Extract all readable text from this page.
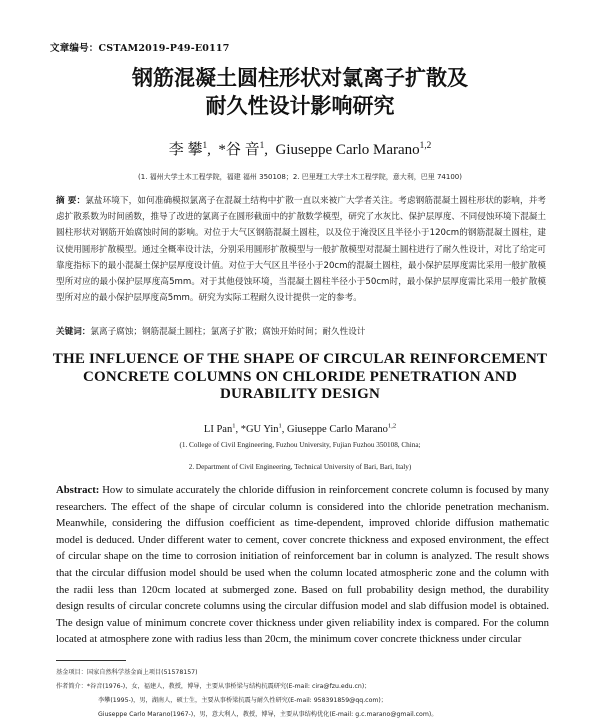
文章编号：CSTAM2019-P49-E0117
钢筋混凝土圆柱形状对氯离子扩散及
耐久性设计影响研究
李 攀$^1$,  *谷 音$^1$,  Giuseppe Carlo Marano$^{1,2}$
(1. 福州大学土木工程学院，福建 福州 350108；2. 巴里理工大学土木工程学院，意大利，巴里 74100)
摘 要：氯盐环境下，如何准确模拟氯离子在混凝土结构中扩散一直以来被广大学者关注。考虑钢筋混凝土圆柱形状的影响，并考虑扩散系数为时间函数，推导了改进的氯离子在圆形截面中的扩散数学模型，研究了水灰比、保护层厚度、不同侵蚀环境下混凝土圆柱形状对钢筋开始腐蚀时间的影响。对位于大气区钢筋混凝土圆柱，以及位于淹没区且半径小于120cm的钢筋混凝土圆柱，建议使用圆形扩散模型。通过全概率设计法，分别采用圆形扩散模型与一般扩散模型对混凝土圆柱进行了耐久性设计，对比了给定可靠度指标下的最小混凝土保护层厚度设计值。对位于大气区且半径小于20cm的混凝土圆柱，最小保护层厚度需比采用一般扩散模型所对应的最小保护层厚度高5mm。对于其他侵蚀环境，当混凝土圆柱半径小于50cm时，最小保护层厚度需比采用一般扩散模型所对应的最小保护层厚度高5mm。研究为实际工程耐久设计提供一定的参考。
关键词：氯离子腐蚀；钢筋混凝土圆柱；氯离子扩散；腐蚀开始时间；耐久性设计
THE INFLUENCE OF THE SHAPE OF CIRCULAR REINFORCEMENT
CONCRETE COLUMNS ON CHLORIDE PENETRATION AND
DURABILITY DESIGN
LI Pan$^1$, *GU Yin$^1$, Giuseppe Carlo Marano$^{1,2}$
(1. College of Civil Engineering, Fuzhou University, Fujian Fuzhou 350108, China;
2. Department of Civil Engineering, Technical University of Bari, Bari, Italy)
Abstract: How to simulate accurately the chloride diffusion in reinforcement concrete column is focused by many researchers. The effect of the shape of circular column is considered into the chloride penetration mechanism. Meanwhile, considering the diffusion coefficient as time-dependent, improved chloride diffusion mathematic model is deduced. Under different water to cement, cover concrete thickness and exposed environment, the effect of circular shape on the time to corrosion initiation of reinforcement bar in column is analyzed. The result shows that the circular diffusion model should be used when the column located atmospheric zone and the column with the radii less than 120cm located at submerged zone. Based on full probability design method, the durability design results of circular concrete columns using the circular diffusion model and slab diffusion model is obtained. The design value of minimum concrete cover thickness under given reliability index is compared. For the column located at atmosphere zone with radius less than 20cm, the minimum cover concrete thickness under circular
基金项目：国家自然科学基金面上项目(51578157)
作者简介：*谷音(1976-)，女，福建人，教授，博导，主要从事桥梁与结构抗震研究(E-mail: cira@fzu.edu.cn)；
李攀(1995-)，男，湖南人，硕士生，主要从事桥梁抗震与耐久性研究(E-mail: 958391859@qq.com)；
Giuseppe Carlo Marano(1967-)，男，意大利人，教授，博导，主要从事结构优化(E-mail: g.c.marano@gmail.com)。
